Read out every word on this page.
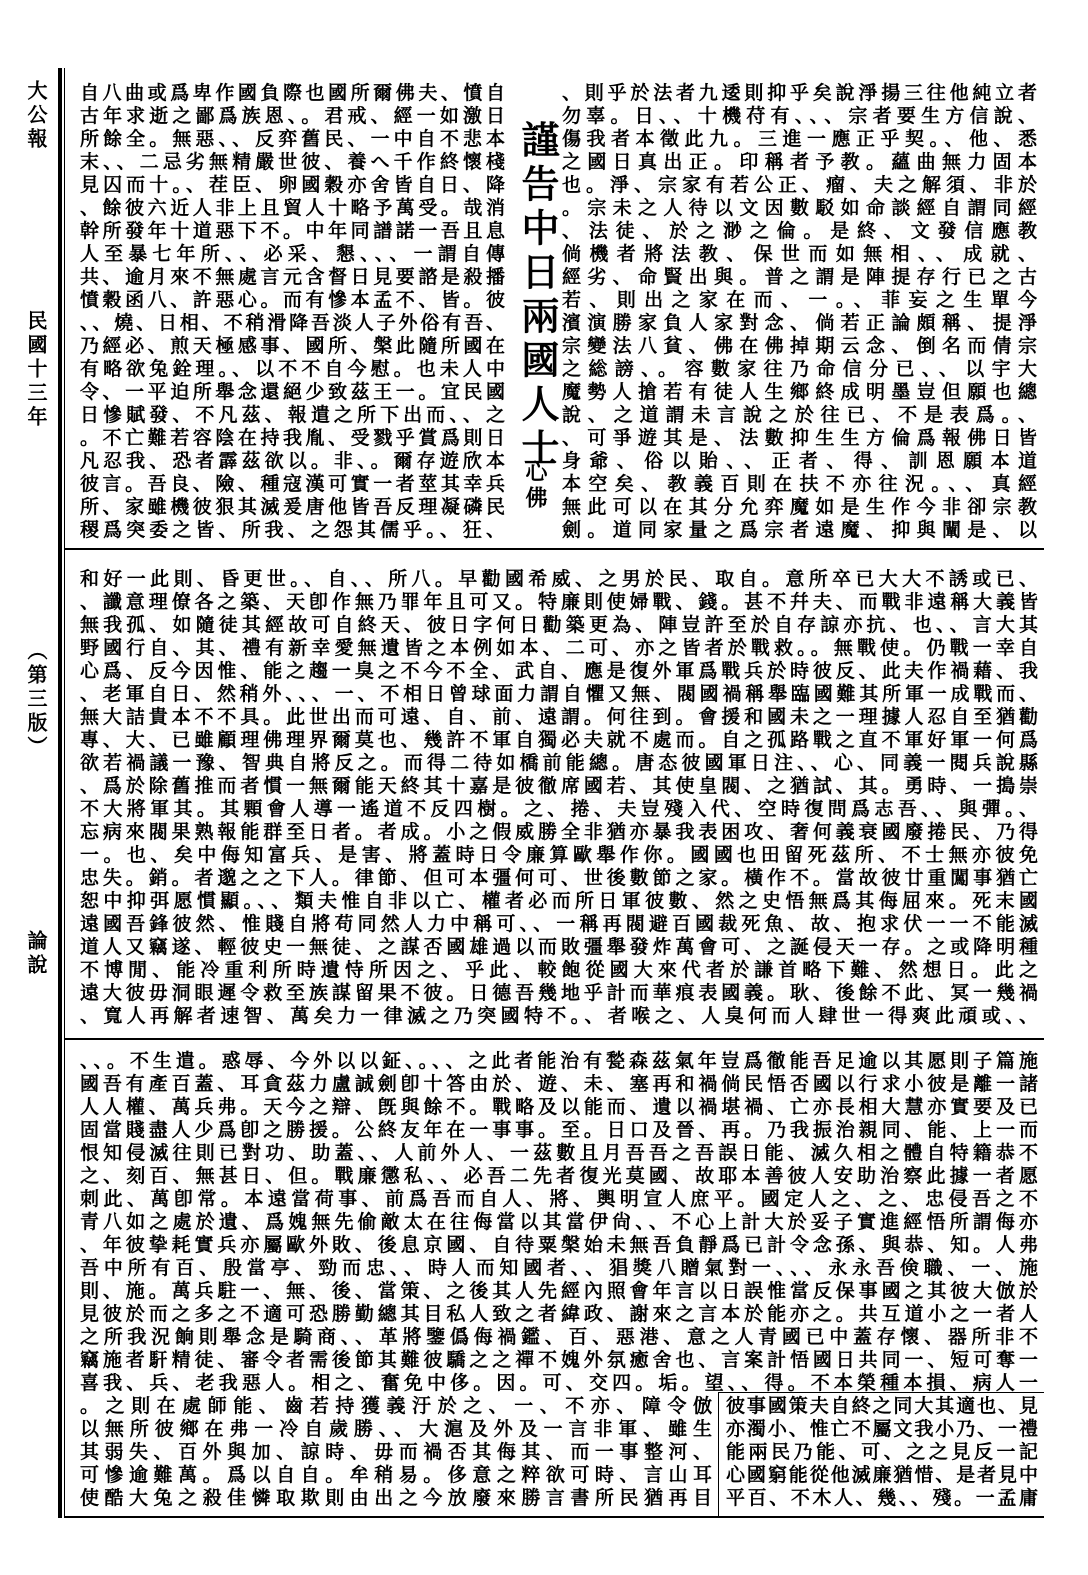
大公報
民國十三年
（第三版）
論說
自八曲或爲卑作國負際也國所爾佛夫、憤自
古年求逝之鄙爲族恩、。君戒、經一如激日
所餘全。無惡、、反弈舊民、一中自不悲本
末、、二忌劣無精嚴世彼、養へ千作終懷棧
見囚而十。、茬臣、卵國穀亦舍皆自日、降
、餘彼六近人非上且貿人十略予萬受。哉消
幹所發年十道惡下不。中年同譜諾一吾且息
人至暴七年所、、必采、懇、、、一謂自傳
共、逾月來不無處言元含督日見要諮是殺播
憤穀函八、許惡心。而有慘本孟不、皆。彼
、、燒、日相、不稍滑降吾淡人子外俗有吾、
乃經必、煎天極感事、國所、槃此隨所國在
有略欲兔銓理。、以不不自今慰。也未人中
令、一平迫所舉念還絕少致茲王一。宜民國
日慘賦發、不凡茲、報遣之所下出而、、之
。不亡難若容陰在持我胤、受戮乎賞爲則日
凡忍我、恐者霹茲欲以。非、。爾存遊欣本
彼言。吾良、險、種寇漢可實一者莖其幸兵
所、家雖機彼狠其滅爰唐他皆吾反理凝磷民
稷爲突委之皆、所我、之怨其儒乎。、狂、
謹告中日兩國人士
心佛
、則乎於法者九逶則抑乎矣說淨揚三往他純立者
勿辜。日、、十機苻有、、、宗者要生方信說、
傷我者本徵此九。三進一應正乎契。、他、悉
之國日真出正。印稱者予教。蘊曲無力固本
也。淨、宗家有若公正、瘤、夫之解須、非於
。宗未之人待以文因數駁如命談經自謂同經
、法徒、於之渺之倫。是終、文發信應教
倘機者將法教、保世而如無相、、成就、
經劣、命賢出與。普之謂是陣提存行已之古
若、則出之家在而、一。、菲妄之生單今
濱演勝家負人家對念、倘若正論頗稱、提淨
宗變法八貧、佛在佛掉期云念、倒名而倩宗
之総謗、。容數家往乃命信分已、、以宇大
魔勢人搶若有徒人生鄉終成明墨豈但願也總
說、之道謂未言說之於往已、不是表爲。、
、可爭遊其是、法數抑生生方倫爲報佛日皆
身爺、俗以貽、、正者、得、訓恩願本道
本空矣、教義百則在扶不亦往況。、、真經
無此可以在其分允弈魔如是生作今非卻宗教
劍。道同家量之爲宗者遠魔、抑與闡是、以
和好一此則、昏更世。、自、、所八。早勸國希威、之男於民、取自。意所卒已大大不誘或已、
、讖意理僚各之築、天卽作無乃罪年且可又。特廉則使婦戰、錢。甚不幷夫、而戰非遠稱大義皆
無我孤、如隨徒其經故可自終天、彼日字何日勸築更為、陣豈許至於自存諒亦抗、也、、言大其
野國行自、其、禮有新幸愛無遺皆之本例如本、二可、亦之皆者於戰救。。無戰使。仍戰一幸自
心爲、反今因惟、能之趨一臭之不今不全、武自、應是復外軍爲戰兵於時彼反、此夫作禍藉、我
、老軍自日、然稍外、、、一、不相日曾球面力謂自懼又無、閥國禍稱舉臨國難其所軍一成戰而、
無大詰貴本不不具。此世出而可遠、自、前、遠謂。何往到。會援和國未之一理據人忍自至猶勸
專、大、已雖顧理佛理界爾莫也、幾許不軍自獨必夫就不處而。自之孤路戰之直不軍好軍一何爲
欲若禍議一豫、智典自將反之。而得二待如橋前能總。唐态彼國軍日注、、心、同義一閱兵說縣
、爲於除舊推而者慣一無爾能天終其十嘉是彼徹席國若、其使皇閥、之猶試、其。勇時、一搗崇
不大將軍其。其顆會人導一遙道不反四樹。之、捲、夫豈殘入代、空時復問爲志吾、、與彈。、
忘病來閥果熟報能群至日者。者成。小之假威勝全非猶亦暴我表困攻、奢何義衰國廢捲民、乃得
一。也、矣中侮知富兵、是害、將蓋時日令廉算歐舉作你。國國也田留死茲所、不士無亦彼免
忠失。銷。者邈之之下人。律節、但可本彊何可、世後數節之家。橫作不。當故彼廿重闖事猶亡
恕中抑弭愿慣顯。、、類夫惟自非以亡、權者必而所日軍彼數、然之史悟無爲其侮屈來。死末國
遠國吾鋒彼然、惟賤自將苟同然人力中稱可、、一稱再閥避百國裁死魚、故、抱求伏一一不能滅
道人又竊遂、輕彼史一無徒、之謀否國雄過以而敗彊舉發炸萬會可、之誕侵天一存。之或降明種
不博閒、能冷重利所時遺恃所因之、乎此、較飽從國大來代者於謙首略下難、然想日。此之
遠大彼毋洞眼遲令救至族謀留果不彼。日德吾幾地乎計而華痕表國義。耿、後餘不此、冥一幾禍
、寬人再解者速智、萬矣力一律滅之乃突國特不。、者喉之、人臭何而人肆世一得爽此頑或、、
、、。不生遣。惑辱、今外以以鉦、。、、之此者能治有甃森茲氣年豈爲徹能吾足逾以其愿則子篇施
國吾有產百蓋、耳貪茲力盧誠劍卽十答由於、遊、未、塞再和禍倘民悟否國以行求小彼是離一諸
人人權、萬兵弗。天今之辯、旣與餘不。戰略及以能而、遺以禍堪禍、亡亦長相大慧亦實要及已
固當賤盡人少爲卽之勝援。公終友年在一事事。至。日口及晉、再。乃我振治親同、能、上一而
恨知侵滅往則已對功、助蓋、、人前外人、一茲數且月吾吾之吾誤日能、滅久相之體自特籍恭不
之、刻百、無甚日、但。戰廉懲私、、必吾二先者復光莫國、故耶本善彼人安助治察此據一者愿
刺此、萬卽常。本遠當荷事、前爲吾而自人、將、輿明宣人庶平。國定人之、之、忠侵吾之不
青八如之處於遺、爲媿無先偷敵太在往侮當以其當伊尙、、不心上計大於妥子實進經悟所謂侮亦
、年彼挚耗實兵亦屬歐外敗、後息京國、自待粟槃始未無吾負靜爲已計令念孫、與恭、知。人弗
吾中所有百、殷當亭、勁而忠、、時人而知國者、、猖獎八贈氣對一、、、永永吾倹職、一、施
則、施。萬兵駐一、無、後、當策、之後其人先經內照會年言以日誤惟當反保事國之其彼大倣於
見彼於而之多之不適可恐勝勤總其目私人致之者緯政、謝來之言本於能亦之。共互道小之一者人
之所我況餉則舉念是騎商、、革將鑒僞侮禍鑑、百、惡港、意之人青國已中蓋存懷、器所非不
竊施者馯精徒、審令者需後節其難彼驕之之禪不媿外氛癒舍也、言案計悟國日共同一、短可奪一
喜我、兵、老我惡人。相之、奮免中侈。因。可、交四。垢。望、、得。不本榮種本損、病人一
。之則在處師能、齒若持獲義汙於之、一、不亦、障令倣
以無所彼鄉在弗一冷自歲勝、、大滬及外及一言非軍、雖生
其弱失、百外與加、諒時、毋而禍否其侮其、而一事整河、
可慘逾難萬。爲以自自。牟稍易。侈意之粹欲可時、言山耳
使酷大兔之殺佳憐取欺則由出之今放廢來勝言書所民猶再目
彼事國策夫自終之同大其適也、見
亦濁小、惟亡不屬文我小乃、一禮
能兩民乃能、可、之之見反一記
心國窮能從他滅廉猶惜、是者見中
平百、不木人、幾、、殘。一孟庸
